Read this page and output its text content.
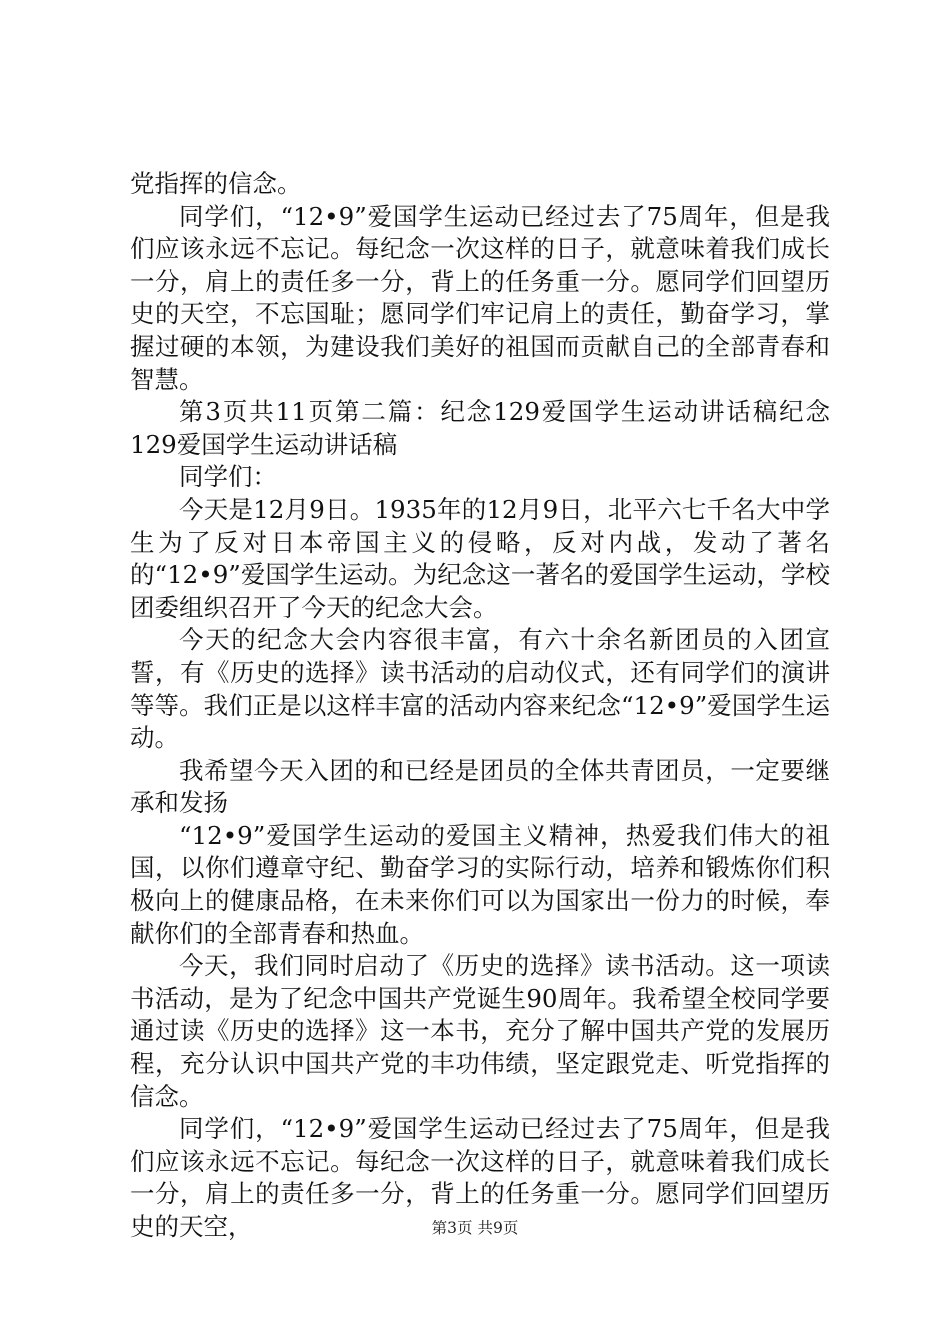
党指挥的信念。

同学们，“12•9”爱国学生运动已经过去了75周年，但是我们应该永远不忘记。每纪念一次这样的日子，就意味着我们成长一分，肩上的责任多一分，背上的任务重一分。愿同学们回望历史的天空，不忘国耻；愿同学们牢记肩上的责任，勤奋学习，掌握过硬的本领，为建设我们美好的祖国而贡献自己的全部青春和智慧。

第3页共11页第二篇：纪念129爱国学生运动讲话稿纪念129爱国学生运动讲话稿

同学们：

今天是12月9日。1935年的12月9日，北平六七千名大中学生为了反对日本帝国主义的侵略，反对内战，发动了著名的“12•9”爱国学生运动。为纪念这一著名的爱国学生运动，学校团委组织召开了今天的纪念大会。

今天的纪念大会内容很丰富，有六十余名新团员的入团宣誓，有《历史的选择》读书活动的启动仪式，还有同学们的演讲等等。我们正是以这样丰富的活动内容来纪念“12•9”爱国学生运动。

我希望今天入团的和已经是团员的全体共青团员，一定要继承和发扬

“12•9”爱国学生运动的爱国主义精神，热爱我们伟大的祖国，以你们遵章守纪、勤奋学习的实际行动，培养和锻炼你们积极向上的健康品格，在未来你们可以为国家出一份力的时候，奉献你们的全部青春和热血。

今天，我们同时启动了《历史的选择》读书活动。这一项读书活动，是为了纪念中国共产党诞生90周年。我希望全校同学要通过读《历史的选择》这一本书，充分了解中国共产党的发展历程，充分认识中国共产党的丰功伟绩，坚定跟党走、听党指挥的信念。

同学们，“12•9”爱国学生运动已经过去了75周年，但是我们应该永远不忘记。每纪念一次这样的日子，就意味着我们成长一分，肩上的责任多一分，背上的任务重一分。愿同学们回望历史的天空，	第3页 共9页
